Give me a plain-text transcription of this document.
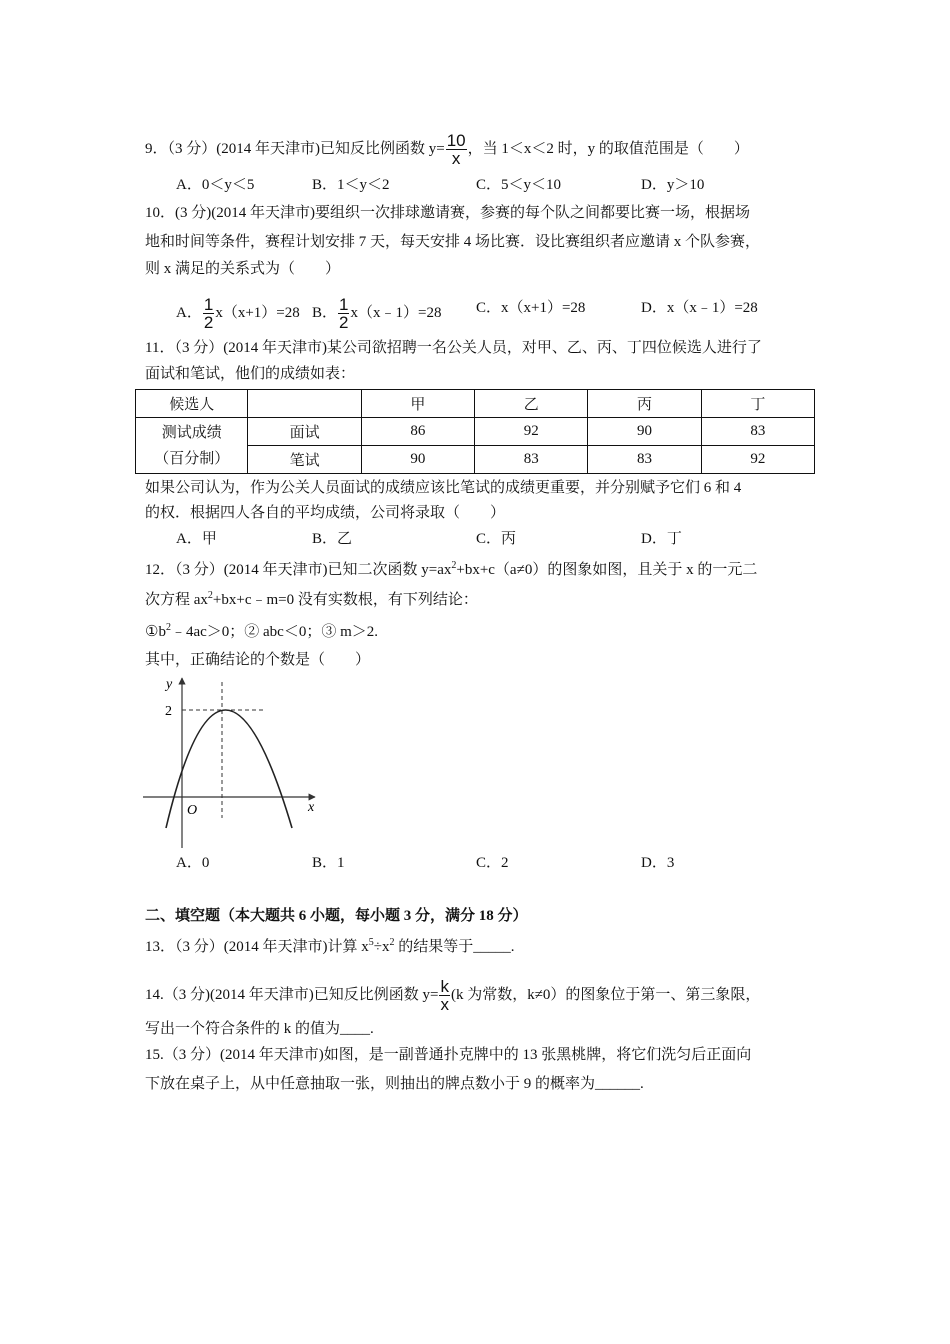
9．（3 分）(2014 年天津市)已知反比例函数 $y= \frac{10}{x}$ ，当 1＜x＜2 时，y 的取值范围是（　　）
A．0＜y＜5	B．1＜y＜2	C．5＜y＜10	D．y＞10
10．(3 分)(2014 年天津市)要组织一次排球邀请赛，参赛的每个队之间都要比赛一场，根据场
地和时间等条件，赛程计划安排 7 天，每天安排 4 场比赛．设比赛组织者应邀请 x 个队参赛，
则 x 满足的关系式为（　　）
A． $\frac{1}{2} x(x+1)=28$ B． $\frac{1}{2}$ x（x﹣1）=28 C．x（x+1）=28	D．x（x﹣1）=28
11．（3 分）(2014 年天津市)某公司欲招聘一名公关人员，对甲、乙、丙、丁四位候选人进行了
面试和笔试，他们的成绩如表：
候选人		甲	乙	丙	丁
测试成绩
（百分制）	面试	86	92	90	83
	笔试	90	83	83	92
如果公司认为，作为公关人员面试的成绩应该比笔试的成绩更重要，并分别赋予它们 6 和 4
的权．根据四人各自的平均成绩，公司将录取（　　）
A．甲	B．乙	C．丙	D．丁
12．（3 分）(2014 年天津市)已知二次函数 $y=ax^2+bx+c(a\ne 0)$的图象如图，且关于 x 的一元二
次方程 $ax^2+bx+c﹣m=0$ 没有实数根，有下列结论：
$①b^2﹣4ac>0$；② abc＜0；③ m＞2.
其中，正确结论的个数是（　　）
y
2
O	x
A．0	B．1	C．2	D．3
二、填空题（本大题共 6 小题，每小题 3 分，满分 18 分）
13．（3 分）(2014 年天津市)计算 $x^5\div x^2$ 的结果等于_____.
14.（3 分)(2014 年天津市)已知反比例函数 $y= \frac{k}{x} (k$ 为常数，k≠0）的图象位于第一、第三象限，
写出一个符合条件的 k 的值为____.
15.（3 分）(2014 年天津市)如图，是一副普通扑克牌中的 13 张黑桃牌，将它们洗匀后正面向
下放在桌子上，从中任意抽取一张，则抽出的牌点数小于 9 的概率为______.
